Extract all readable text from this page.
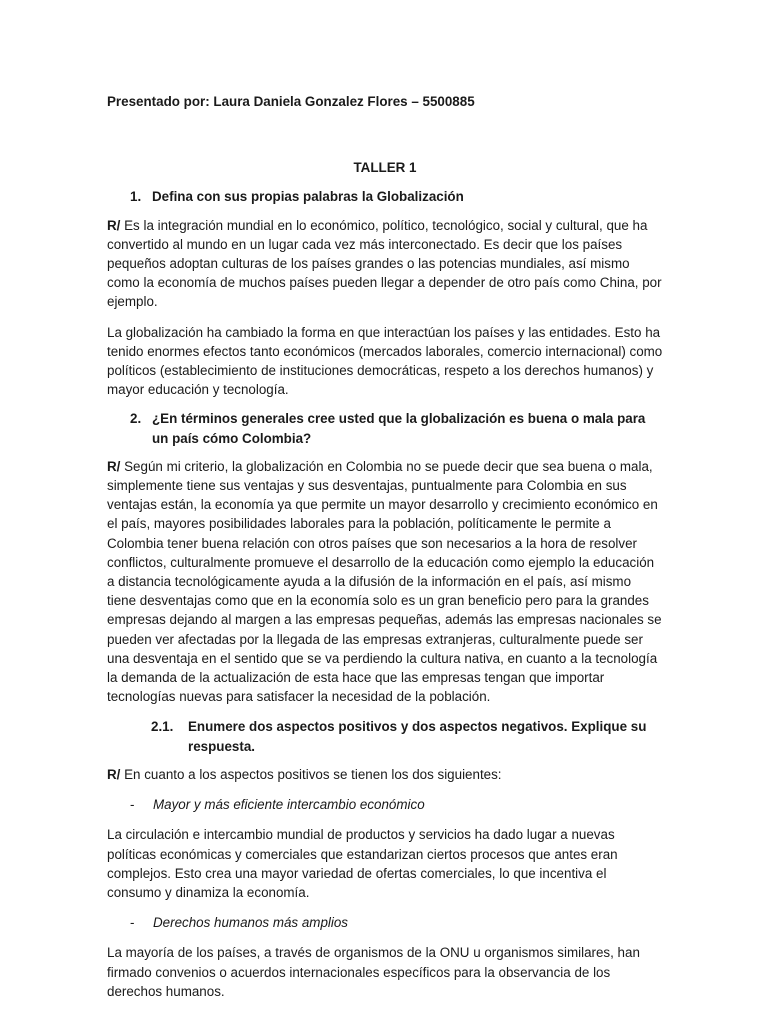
Presentado por: Laura Daniela Gonzalez Flores – 5500885
TALLER 1
1. Defina con sus propias palabras la Globalización

R/ Es la integración mundial en lo económico, político, tecnológico, social y cultural, que ha convertido al mundo en un lugar cada vez más interconectado. Es decir que los países pequeños adoptan culturas de los países grandes o las potencias mundiales, así mismo como la economía de muchos países pueden llegar a depender de otro país como China, por ejemplo.

La globalización ha cambiado la forma en que interactúan los países y las entidades. Esto ha tenido enormes efectos tanto económicos (mercados laborales, comercio internacional) como políticos (establecimiento de instituciones democráticas, respeto a los derechos humanos) y mayor educación y tecnología.

2. ¿En términos generales cree usted que la globalización es buena o mala para un país cómo Colombia?

R/ Según mi criterio, la globalización en Colombia no se puede decir que sea buena o mala, simplemente tiene sus ventajas y sus desventajas, puntualmente para Colombia en sus ventajas están, la economía ya que permite un mayor desarrollo y crecimiento económico en el país, mayores posibilidades laborales para la población, políticamente le permite a Colombia tener buena relación con otros países que son necesarios a la hora de resolver conflictos, culturalmente promueve el desarrollo de la educación como ejemplo la educación a distancia tecnológicamente ayuda a la difusión de la información en el país, así mismo tiene desventajas como que en la economía solo es un gran beneficio pero para la grandes empresas dejando al margen a las empresas pequeñas, además las empresas nacionales se pueden ver afectadas por la llegada de las empresas extranjeras, culturalmente puede ser una desventaja en el sentido que se va perdiendo la cultura nativa, en cuanto a la tecnología la demanda de la actualización de esta hace que las empresas tengan que importar tecnologías nuevas para satisfacer la necesidad de la población.

2.1.	Enumere dos aspectos positivos y dos aspectos negativos. Explique su respuesta.

R/ En cuanto a los aspectos positivos se tienen los dos siguientes:

-	Mayor y más eficiente intercambio económico

La circulación e intercambio mundial de productos y servicios ha dado lugar a nuevas políticas económicas y comerciales que estandarizan ciertos procesos que antes eran complejos. Esto crea una mayor variedad de ofertas comerciales, lo que incentiva el consumo y dinamiza la economía.

-	Derechos humanos más amplios

La mayoría de los países, a través de organismos de la ONU u organismos similares, han firmado convenios o acuerdos internacionales específicos para la observancia de los derechos humanos.
